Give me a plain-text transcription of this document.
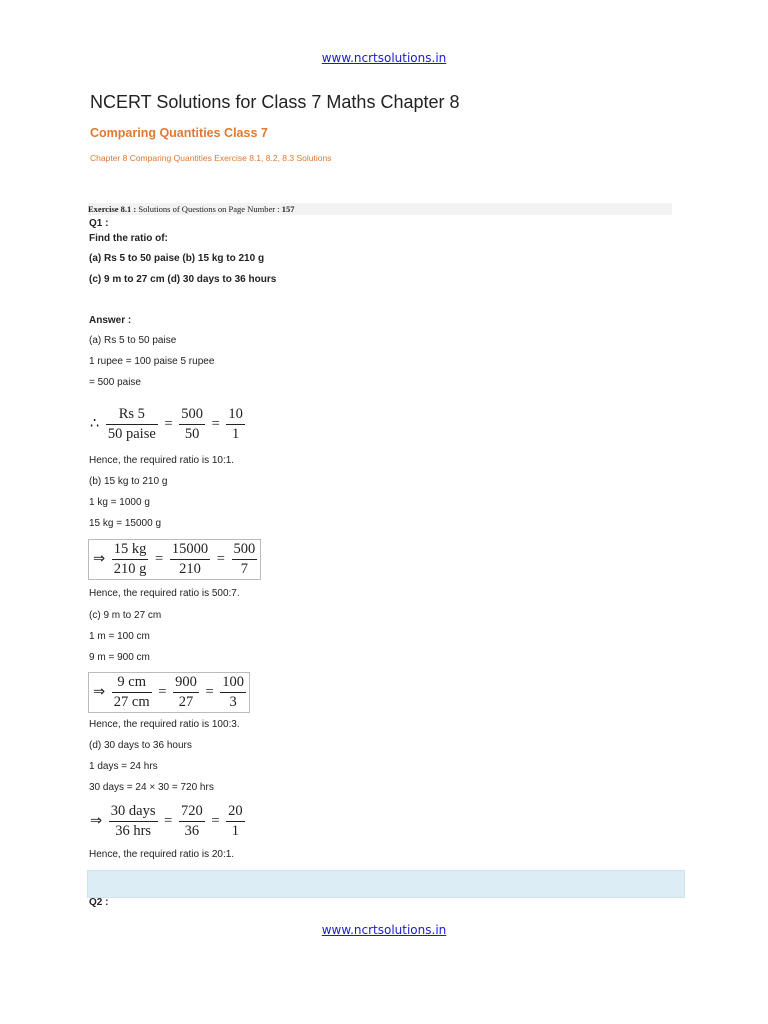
www.ncrtsolutions.in
NCERT Solutions for Class 7 Maths Chapter 8
Comparing Quantities Class 7
Chapter 8 Comparing Quantities Exercise 8.1, 8.2, 8.3 Solutions
Exercise 8.1 : Solutions of Questions on Page Number : 157
Q1 :
Find the ratio of:
(a) Rs 5 to 50 paise (b) 15 kg to 210 g
(c) 9 m to 27 cm (d) 30 days to 36 hours
Answer :
(a) Rs 5 to 50 paise
1 rupee = 100 paise 5 rupee
= 500 paise
∴ $\frac{Rs 5}{\text{50 paise}} = \frac{500}{50} = \frac{10}{1}$
Hence, the required ratio is 10:1.
(b) 15 kg to 210 g
1 kg = 1000 g
15 kg = 15000 g
⇒ $\frac{15 kg}{210 g} = \frac{15000}{210} = \frac{500}{7}$
Hence, the required ratio is 500:7.
(c) 9 m to 27 cm
1 m = 100 cm
9 m = 900 cm
⇒ $\frac{9 cm}{27 cm} = \frac{900}{27} = \frac{100}{3}$
Hence, the required ratio is 100:3.
(d) 30 days to 36 hours
1 days = 24 hrs
30 days = 24 × 30 = 720 hrs
⇒ $\frac{\text{30 days}}{\text{36 hrs}} = \frac{720}{36} = \frac{20}{1}$
Hence, the required ratio is 20:1.
Q2 :
www.ncrtsolutions.in
